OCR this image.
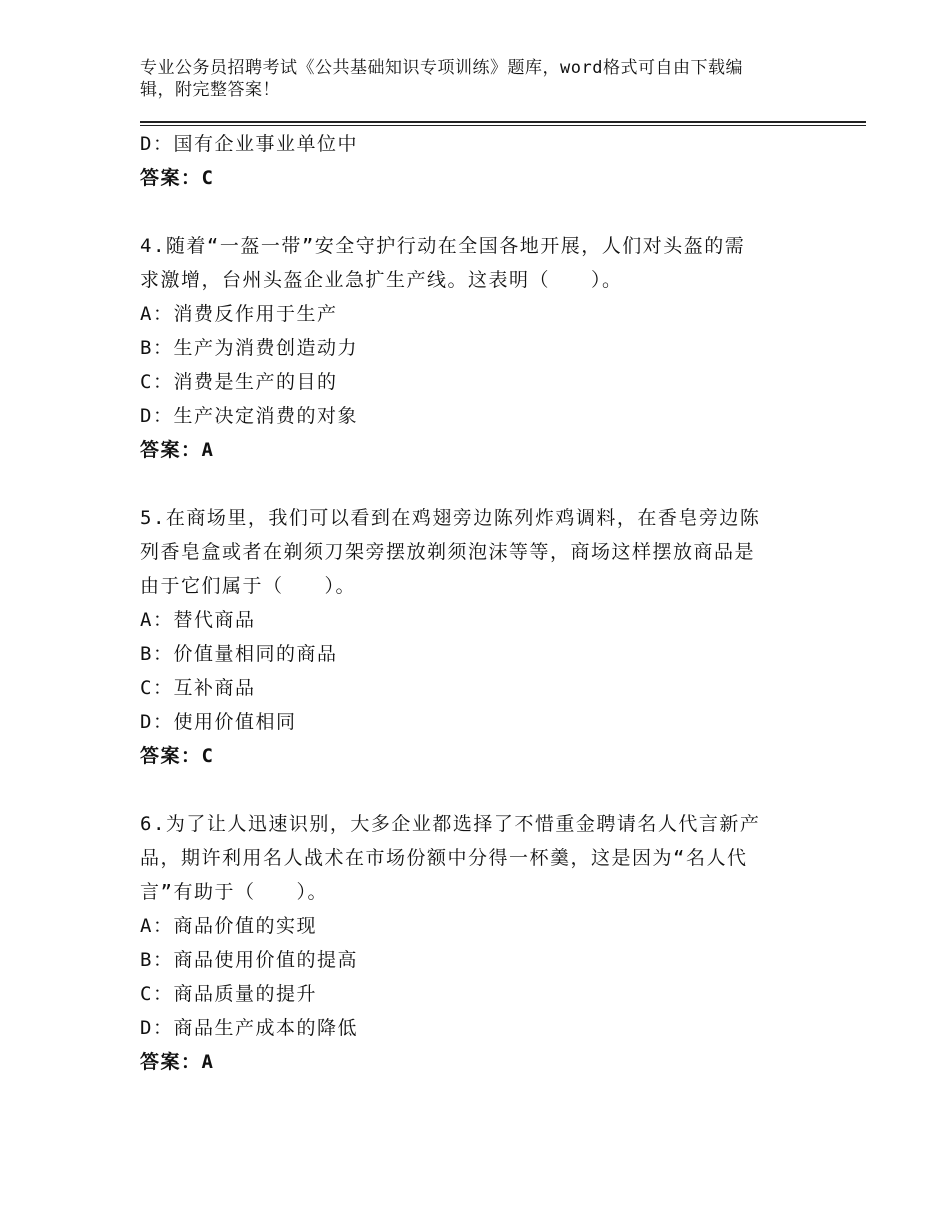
专业公务员招聘考试《公共基础知识专项训练》题库，word格式可自由下载编
辑，附完整答案！
D：国有企业事业单位中
答案：C
4.随着“一盔一带”安全守护行动在全国各地开展，人们对头盔的需
求激增，台州头盔企业急扩生产线。这表明（　　）。
A：消费反作用于生产
B：生产为消费创造动力
C：消费是生产的目的
D：生产决定消费的对象
答案：A
5.在商场里，我们可以看到在鸡翅旁边陈列炸鸡调料，在香皂旁边陈
列香皂盒或者在剃须刀架旁摆放剃须泡沫等等，商场这样摆放商品是
由于它们属于（　　）。
A：替代商品
B：价值量相同的商品
C：互补商品
D：使用价值相同
答案：C
6.为了让人迅速识别，大多企业都选择了不惜重金聘请名人代言新产
品，期许利用名人战术在市场份额中分得一杯羹，这是因为“名人代
言”有助于（　　）。
A：商品价值的实现
B：商品使用价值的提高
C：商品质量的提升
D：商品生产成本的降低
答案：A
